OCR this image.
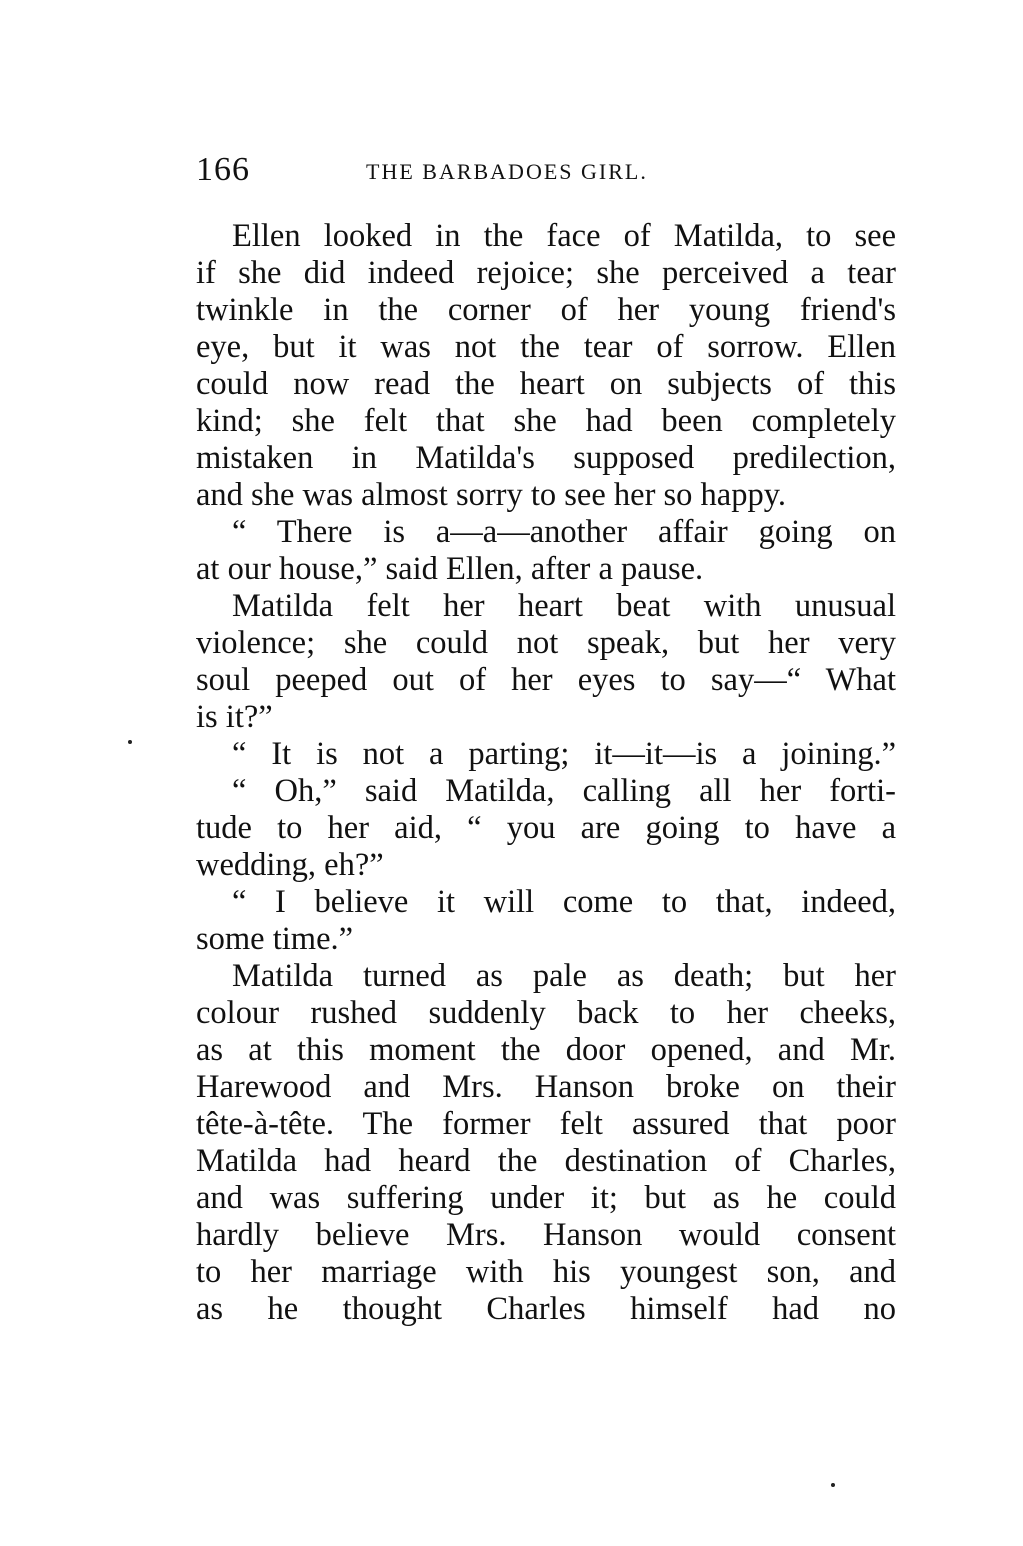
166	THE BARBADOES GIRL.
Ellen looked in the face of Matilda, to see
if she did indeed rejoice; she perceived a tear
twinkle in the corner of her young friend's
eye, but it was not the tear of sorrow. Ellen
could now read the heart on subjects of this
kind; she felt that she had been completely
mistaken in Matilda's supposed predilection,
and she was almost sorry to see her so happy.
“ There is a—a—another affair going on
at our house,” said Ellen, after a pause.
Matilda felt her heart beat with unusual
violence; she could not speak, but her very
soul peeped out of her eyes to say—“ What
is it?”
“ It is not a parting; it—it—is a joining.”
“ Oh,” said Matilda, calling all her forti-
tude to her aid, “ you are going to have a
wedding, eh?”
“ I believe it will come to that, indeed,
some time.”
Matilda turned as pale as death; but her
colour rushed suddenly back to her cheeks,
as at this moment the door opened, and Mr.
Harewood and Mrs. Hanson broke on their
tête-à-tête. The former felt assured that poor
Matilda had heard the destination of Charles,
and was suffering under it; but as he could
hardly believe Mrs. Hanson would consent
to her marriage with his youngest son, and
as he thought Charles himself had no
